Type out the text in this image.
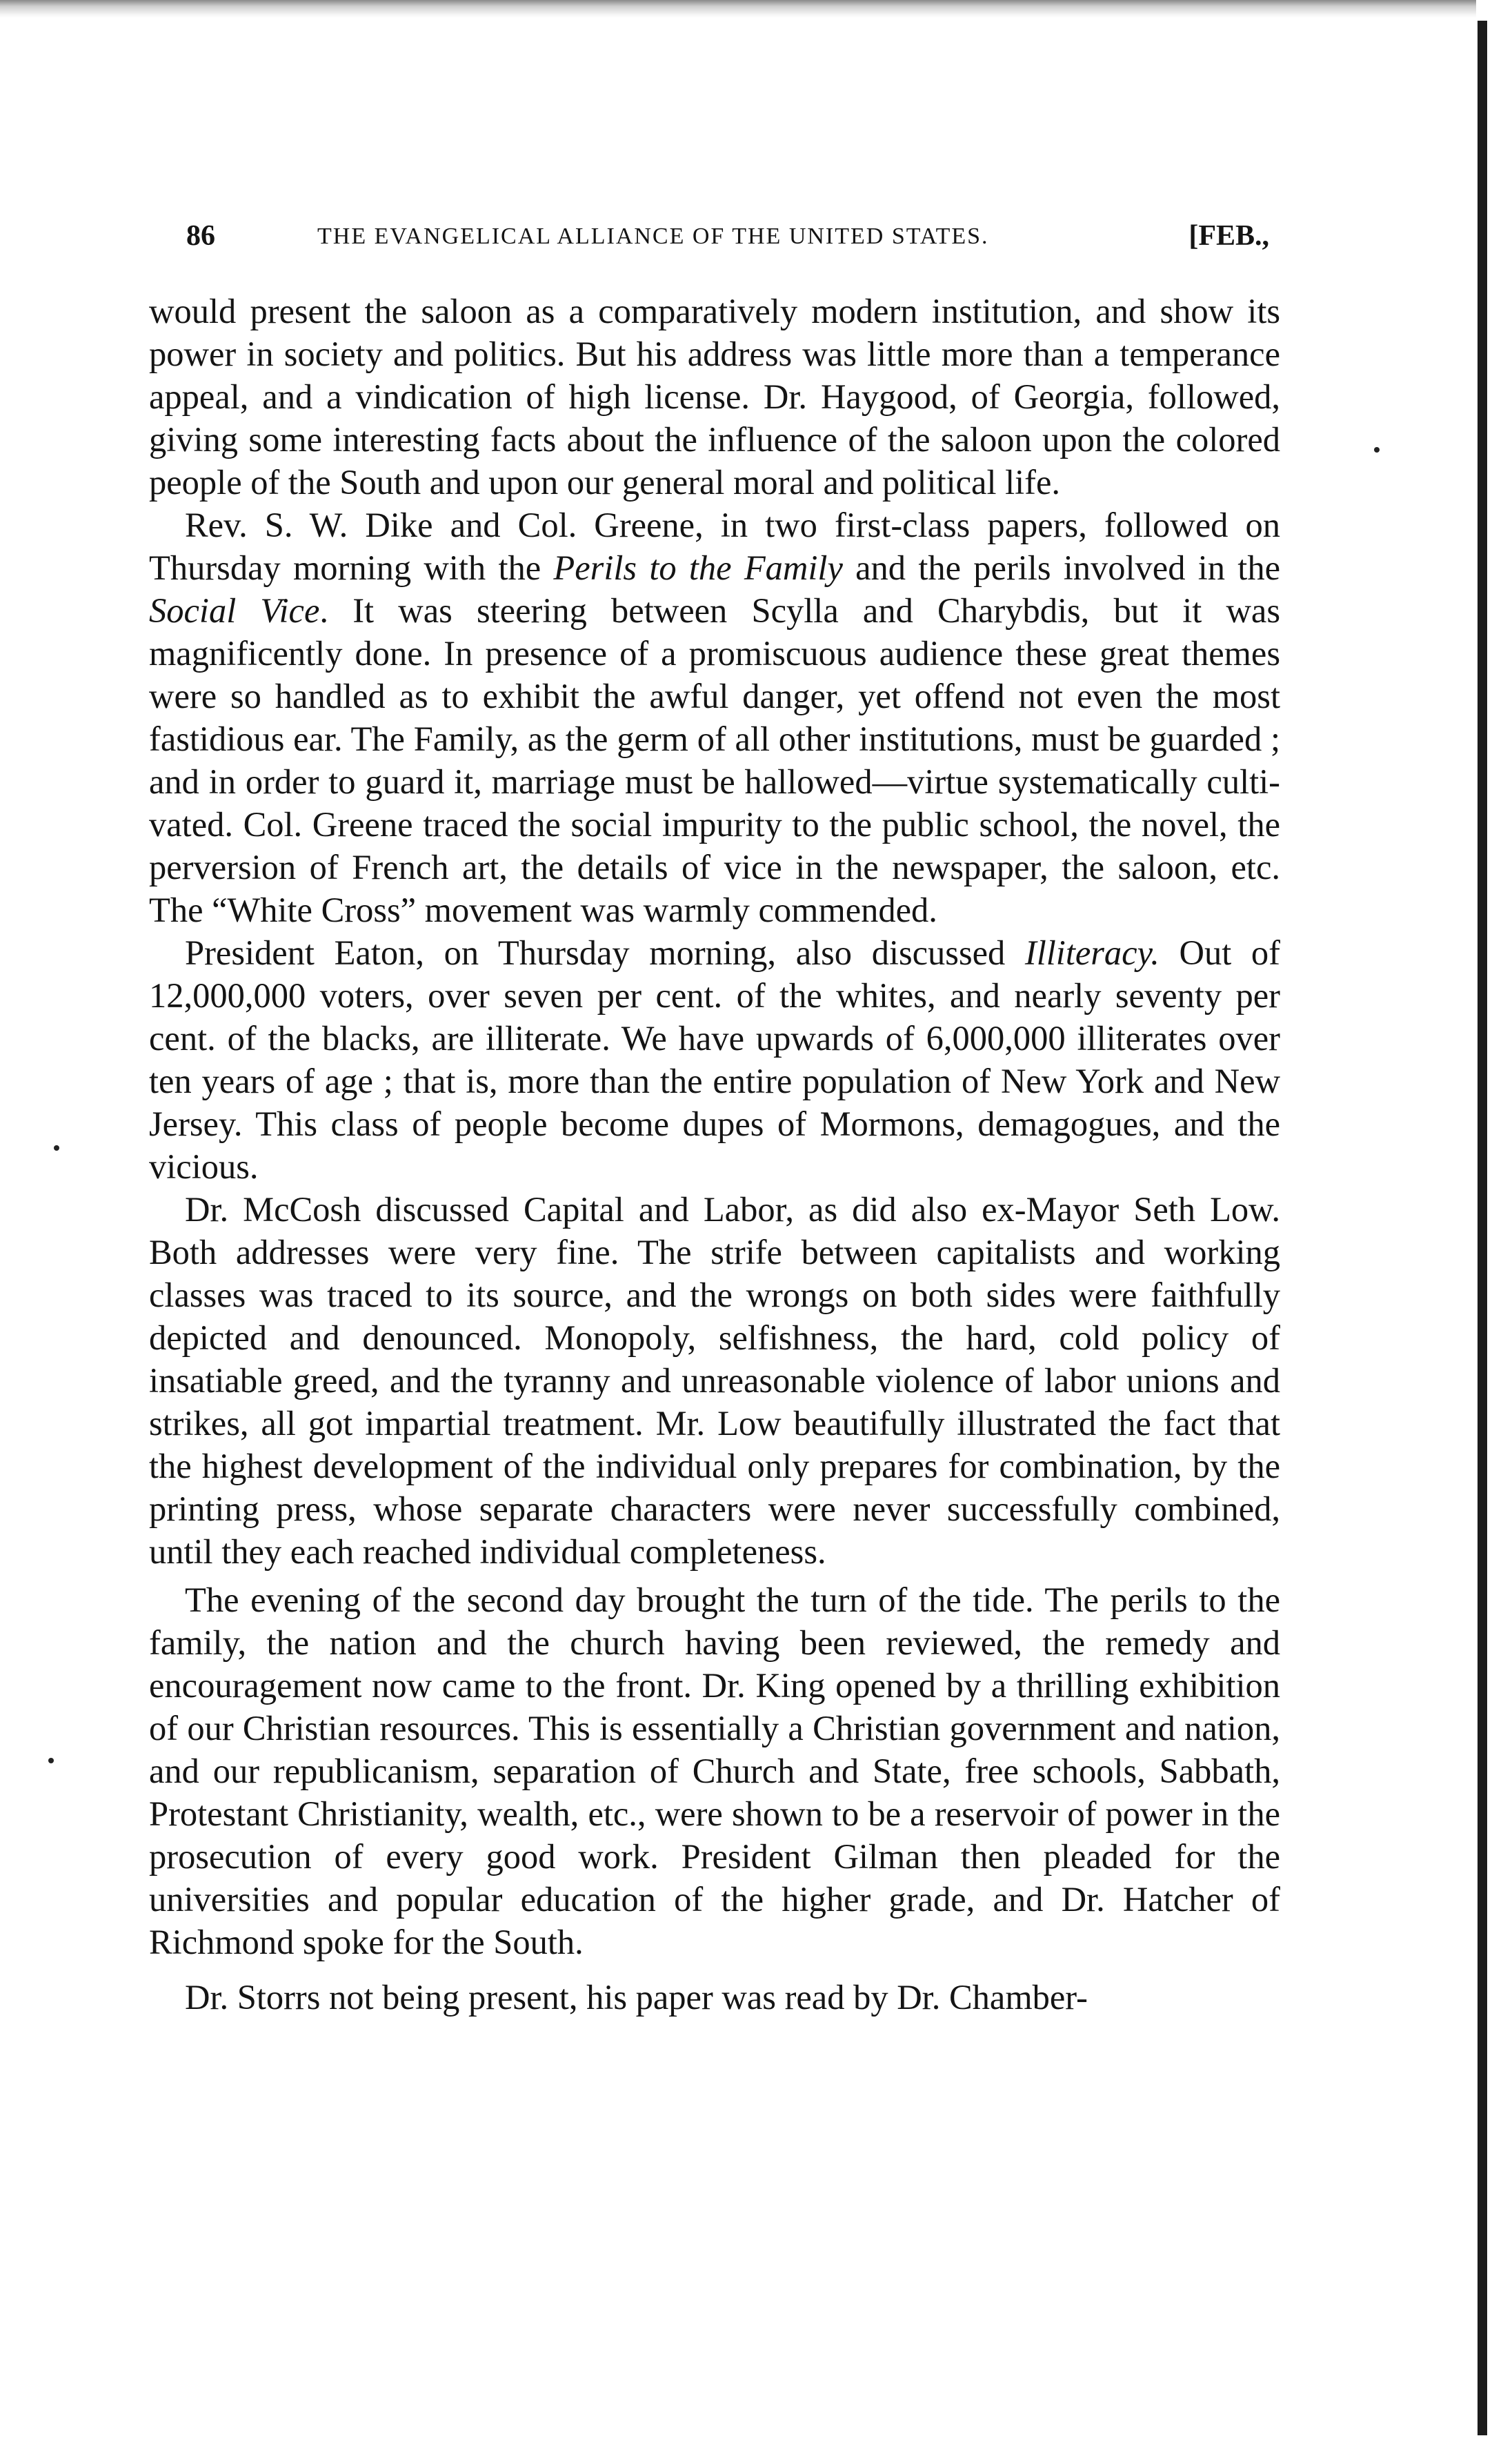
86	THE EVANGELICAL ALLIANCE OF THE UNITED STATES.	[FEB.,

would present the saloon as a comparatively modern institution, and show its power in society and politics. But his address was little more than a temperance appeal, and a vindication of high license. Dr. Haygood, of Georgia, followed, giving some interesting facts about the influence of the saloon upon the colored people of the South and upon our general moral and political life.

Rev. S. W. Dike and Col. Greene, in two first-class papers, followed on Thursday morning with the Perils to the Family and the perils involved in the Social Vice. It was steering between Scylla and Charybdis, but it was magnificently done. In presence of a promiscuous audience these great themes were so handled as to exhibit the awful danger, yet offend not even the most fastidious ear. The Family, as the germ of all other institutions, must be guarded ; and in order to guard it, marriage must be hallowed—virtue systematically cultivated. Col. Greene traced the social impurity to the public school, the novel, the perversion of French art, the details of vice in the newspaper, the saloon, etc. The “White Cross” movement was warmly commended.

President Eaton, on Thursday morning, also discussed Illiteracy. Out of 12,000,000 voters, over seven per cent. of the whites, and nearly seventy per cent. of the blacks, are illiterate. We have upwards of 6,000,000 illiterates over ten years of age ; that is, more than the entire population of New York and New Jersey. This class of people become dupes of Mormons, demagogues, and the vicious.

Dr. McCosh discussed Capital and Labor, as did also ex-Mayor Seth Low. Both addresses were very fine. The strife between capitalists and working classes was traced to its source, and the wrongs on both sides were faithfully depicted and denounced. Monopoly, selfishness, the hard, cold policy of insatiable greed, and the tyranny and unreasonable violence of labor unions and strikes, all got impartial treatment. Mr. Low beautifully illustrated the fact that the highest development of the individual only prepares for combination, by the printing press, whose separate characters were never successfully combined, until they each reached individual completeness.

The evening of the second day brought the turn of the tide. The perils to the family, the nation and the church having been reviewed, the remedy and encouragement now came to the front. Dr. King opened by a thrilling exhibition of our Christian resources. This is essentially a Christian government and nation, and our republicanism, separation of Church and State, free schools, Sabbath, Protestant Christianity, wealth, etc., were shown to be a reservoir of power in the prosecution of every good work. President Gilman then pleaded for the universities and popular education of the higher grade, and Dr. Hatcher of Richmond spoke for the South.

Dr. Storrs not being present, his paper was read by Dr. Chamber-
